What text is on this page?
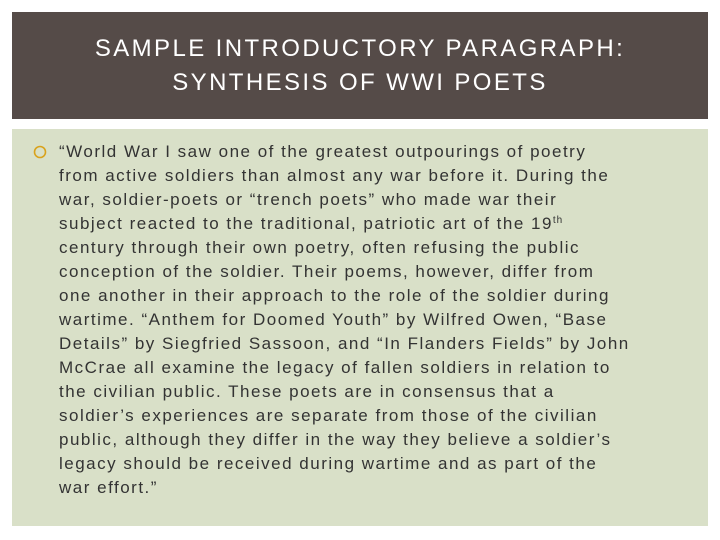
SAMPLE INTRODUCTORY PARAGRAPH:
SYNTHESIS OF WWI POETS

“World War I saw one of the greatest outpourings of poetry
from active soldiers than almost any war before it. During the
war, soldier-poets or “trench poets” who made war their
subject reacted to the traditional, patriotic art of the 19th
century through their own poetry, often refusing the public
conception of the soldier. Their poems, however, differ from
one another in their approach to the role of the soldier during
wartime. “Anthem for Doomed Youth” by Wilfred Owen, “Base
Details” by Siegfried Sassoon, and “In Flanders Fields” by John
McCrae all examine the legacy of fallen soldiers in relation to
the civilian public. These poets are in consensus that a
soldier’s experiences are separate from those of the civilian
public, although they differ in the way they believe a soldier’s
legacy should be received during wartime and as part of the
war effort.”
